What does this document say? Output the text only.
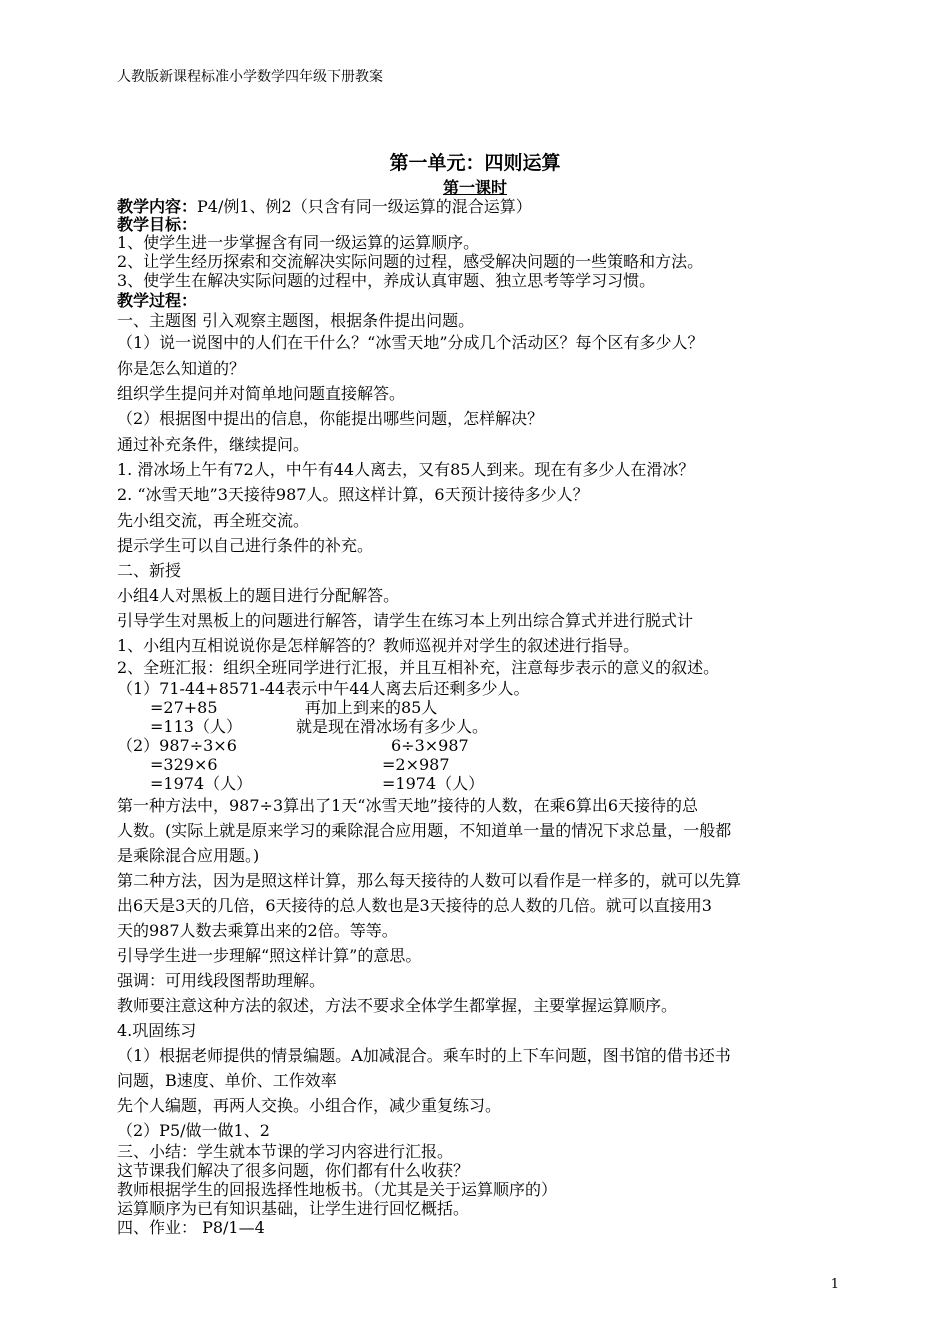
人教版新课程标准小学数学四年级下册教案
第一单元：四则运算
第一课时
教学内容：P4/例1、例2（只含有同一级运算的混合运算）
教学目标：
1、使学生进一步掌握含有同一级运算的运算顺序。
2、让学生经历探索和交流解决实际问题的过程，感受解决问题的一些策略和方法。
3、使学生在解决实际问题的过程中，养成认真审题、独立思考等学习习惯。
教学过程：
一、主题图 引入观察主题图，根据条件提出问题。
（1）说一说图中的人们在干什么？“冰雪天地”分成几个活动区？每个区有多少人？
你是怎么知道的？
组织学生提问并对简单地问题直接解答。
（2）根据图中提出的信息，你能提出哪些问题，怎样解决？
通过补充条件，继续提问。
1. 滑冰场上午有72人，中午有44人离去，又有85人到来。现在有多少人在滑冰？
2. “冰雪天地”3天接待987人。照这样计算，6天预计接待多少人？
先小组交流，再全班交流。
提示学生可以自己进行条件的补充。
二、新授
小组4人对黑板上的题目进行分配解答。
引导学生对黑板上的问题进行解答，请学生在练习本上列出综合算式并进行脱式计
1、小组内互相说说你是怎样解答的？教师巡视并对学生的叙述进行指导。
2、全班汇报：组织全班同学进行汇报，并且互相补充，注意每步表示的意义的叙述。
（1）71-44+8571-44表示中午44人离去后还剩多少人。
=27+85	再加上到来的85人
=113（人）	就是现在滑冰场有多少人。
（2）987÷3×6	6÷3×987
=329×6	=2×987
=1974（人）	=1974（人）
第一种方法中，987÷3算出了1天“冰雪天地”接待的人数，在乘6算出6天接待的总
人数。(实际上就是原来学习的乘除混合应用题，不知道单一量的情况下求总量，一般都
是乘除混合应用题。)
第二种方法，因为是照这样计算，那么每天接待的人数可以看作是一样多的，就可以先算
出6天是3天的几倍，6天接待的总人数也是3天接待的总人数的几倍。就可以直接用3
天的987人数去乘算出来的2倍。等等。
引导学生进一步理解“照这样计算”的意思。
强调：可用线段图帮助理解。
教师要注意这种方法的叙述，方法不要求全体学生都掌握，主要掌握运算顺序。
4.巩固练习
（1）根据老师提供的情景编题。A加减混合。乘车时的上下车问题，图书馆的借书还书
问题，B速度、单价、工作效率
先个人编题，再两人交换。小组合作，减少重复练习。
（2）P5/做一做1、2
三、小结：学生就本节课的学习内容进行汇报。
这节课我们解决了很多问题，你们都有什么收获？
教师根据学生的回报选择性地板书。（尤其是关于运算顺序的）
运算顺序为已有知识基础，让学生进行回忆概括。
四、作业： P8/1—4
1
